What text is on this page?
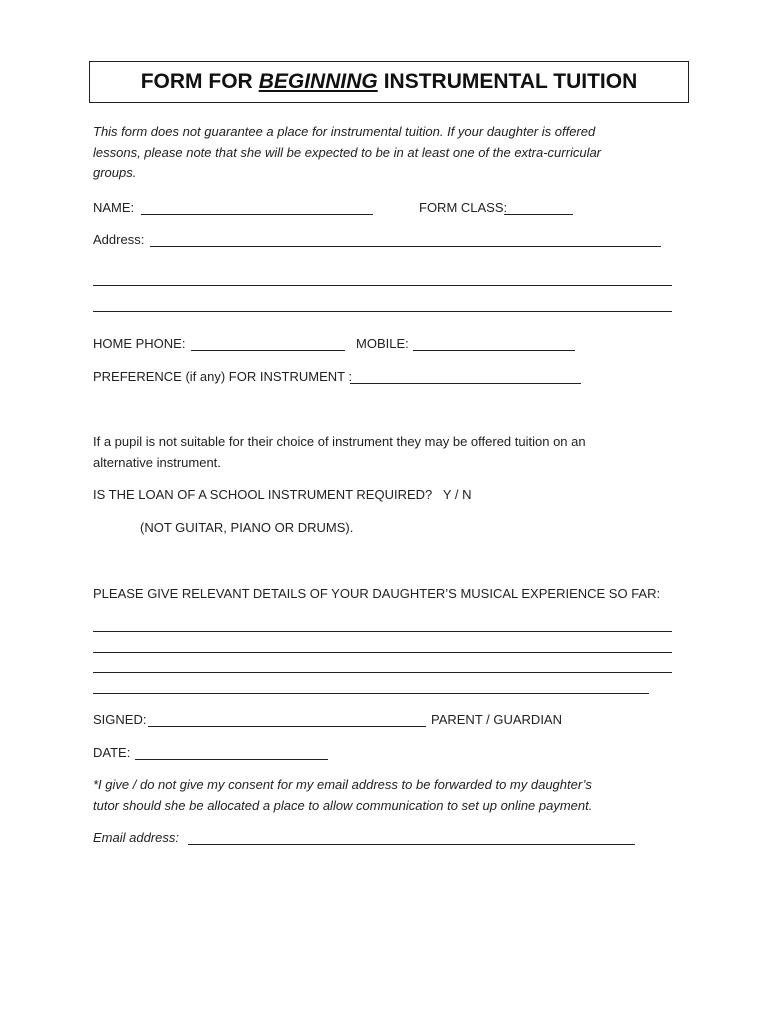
FORM FOR BEGINNING INSTRUMENTAL TUITION
This form does not guarantee a place for instrumental tuition. If your daughter is offered
lessons, please note that she will be expected to be in at least one of the extra-curricular
groups.
NAME:	FORM CLASS:
Address:
HOME PHONE:	MOBILE:
PREFERENCE (if any) FOR INSTRUMENT :
If a pupil is not suitable for their choice of instrument they may be offered tuition on an
alternative instrument.
IS THE LOAN OF A SCHOOL INSTRUMENT REQUIRED?   Y / N
(NOT GUITAR, PIANO OR DRUMS).
PLEASE GIVE RELEVANT DETAILS OF YOUR DAUGHTER’S MUSICAL EXPERIENCE SO FAR:
SIGNED:	PARENT / GUARDIAN
DATE:
*I give / do not give my consent for my email address to be forwarded to my daughter’s
tutor should she be allocated a place to allow communication to set up online payment.
Email address:
